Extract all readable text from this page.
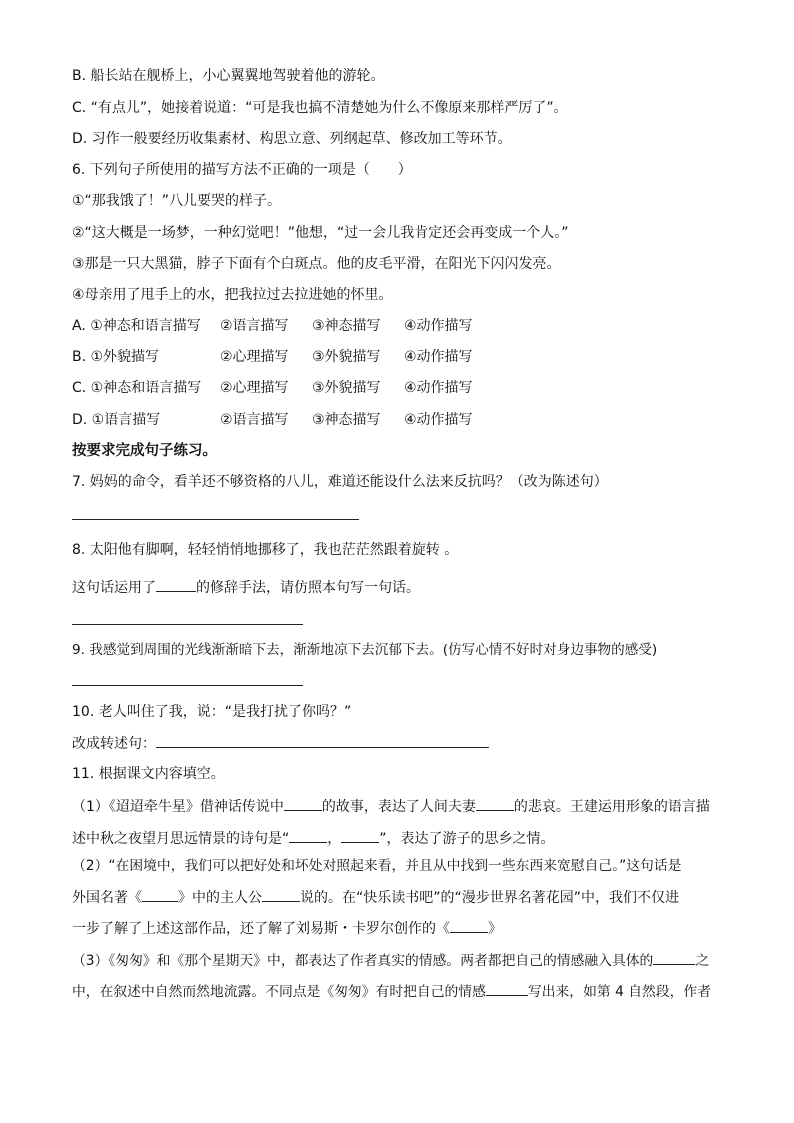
B. 船长站在舰桥上，小心翼翼地驾驶着他的游轮。
C. “有点儿”，她接着说道：“可是我也搞不清楚她为什么不像原来那样严厉了”。
D. 习作一般要经历收集素材、构思立意、列纲起草、修改加工等环节。
6. 下列句子所使用的描写方法不正确的一项是（　　）
①“那我饿了！”八儿要哭的样子。
②“这大概是一场梦，一种幻觉吧！”他想，“过一会儿我肯定还会再变成一个人。”
③那是一只大黑猫，脖子下面有个白斑点。他的皮毛平滑，在阳光下闪闪发亮。
④母亲用了甩手上的水，把我拉过去拉进她的怀里。
A. ①神态和语言描写	②语言描写	③神态描写	④动作描写
B. ①外貌描写	②心理描写	③外貌描写	④动作描写
C. ①神态和语言描写	②心理描写	③外貌描写	④动作描写
D. ①语言描写	②语言描写	③神态描写	④动作描写
按要求完成句子练习。
7. 妈妈的命令，看羊还不够资格的八儿，难道还能设什么法来反抗吗？（改为陈述句）
8. 太阳他有脚啊，轻轻悄悄地挪移了，我也茫茫然跟着旋转 。
这句话运用了	的修辞手法，请仿照本句写一句话。
9. 我感觉到周围的光线渐渐暗下去，渐渐地凉下去沉郁下去。(仿写心情不好时对身边事物的感受)
10. 老人叫住了我，说：“是我打扰了你吗？”
改成转述句：
11. 根据课文内容填空。
（1）《迢迢牵牛星》借神话传说中	的故事，表达了人间夫妻	的悲哀。王建运用形象的语言描
述中秋之夜望月思远情景的诗句是“	，	”，表达了游子的思乡之情。
（2）“在困境中，我们可以把好处和坏处对照起来看，并且从中找到一些东西来宽慰自己。”这句话是
外国名著《	》中的主人公	说的。在“快乐读书吧”的“漫步世界名著花园”中，我们不仅进
一步了解了上述这部作品，还了解了刘易斯・卡罗尔创作的《	》
（3）《匆匆》和《那个星期天》中，都表达了作者真实的情感。两者都把自己的情感融入具体的	之
中，在叙述中自然而然地流露。不同点是《匆匆》有时把自己的情感	写出来，如第 4 自然段，作者
